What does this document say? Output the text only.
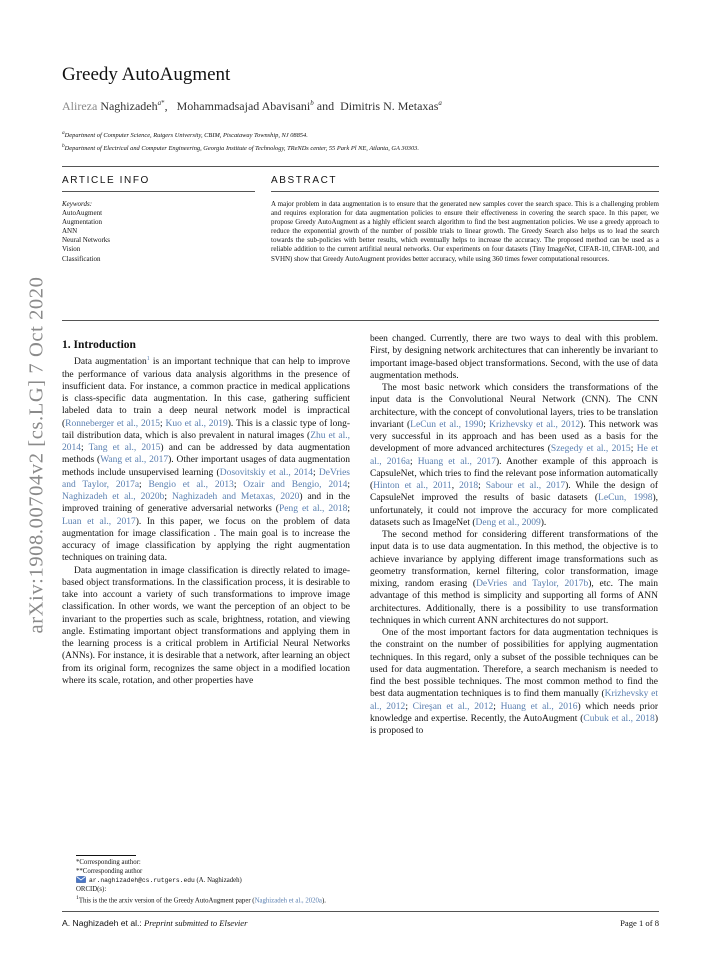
Greedy AutoAugment
Alireza Naghizadeh$^{a*}$,   Mohammadsajad Abavisani$^b$ and Dimitris N. Metaxas$^a$
$^a$Department of Computer Science, Rutgers University, CBIM, Piscataway Township, NJ 08854.
$^b$Department of Electrical and Computer Engineering, Georgia Institute of Technology, TReNDs center, 55 Park Pl NE, Atlanta, GA 30303.
ARTICLE INFO	ABSTRACT
Keywords:
AutoAugment
Augmentation
ANN
Neural Networks
Vision
Classification
A major problem in data augmentation is to ensure that the generated new samples cover the search space. This is a challenging problem and requires exploration for data augmentation policies to ensure their effectiveness in covering the search space. In this paper, we propose Greedy AutoAugment as a highly efficient search algorithm to find the best augmentation policies. We use a greedy approach to reduce the exponential growth of the number of possible trials to linear growth. The Greedy Search also helps us to lead the search towards the sub-policies with better results, which eventually helps to increase the accuracy. The proposed method can be used as a reliable addition to the current artifitial neural networks. Our experiments on four datasets (Tiny ImageNet, CIFAR-10, CIFAR-100, and SVHN) show that Greedy AutoAugment provides better accuracy, while using 360 times fewer computational resources.
arXiv:1908.00704v2 [cs.LG] 7 Oct 2020 1. Introduction

Data augmentation$^1$ is an important technique that can help to improve the performance of various data analysis algorithms in the presence of insufficient data. For instance, a common practice in medical applications is class-specific data augmentation. In this case, gathering sufficient labeled data to train a deep neural network model is impractical (Ronneberger et al., 2015; Kuo et al., 2019). This is a classic type of long-tail distribution data, which is also prevalent in natural images (Zhu et al., 2014; Tang et al., 2015) and can be addressed by data augmentation methods (Wang et al., 2017). Other important usages of data augmentation methods include unsupervised learning (Dosovitskiy et al., 2014; DeVries and Taylor, 2017a; Bengio et al., 2013; Ozair and Bengio, 2014; Naghizadeh et al., 2020b; Naghizadeh and Metaxas, 2020) and in the improved training of generative adversarial networks (Peng et al., 2018; Luan et al., 2017). In this paper, we focus on the problem of data augmentation for image classification . The main goal is to increase the accuracy of image classification by applying the right augmentation techniques on training data.

Data augmentation in image classification is directly related to image-based object transformations. In the classification process, it is desirable to take into account a variety of such transformations to improve image classification. In other words, we want the perception of an object to be invariant to the properties such as scale, brightness, rotation, and viewing angle. Estimating important object transformations and applying them in the learning process is a critical problem in Artificial Neural Networks (ANNs). For instance, it is desirable that a network, after learning an object from its original form, recognizes the same object in a modified location where its scale, rotation, and other properties have

*Corresponding author:
**Corresponding author
ar.naghizadeh@cs.rutgers.edu (A. Naghizadeh)
ORCID(s):
$^1$This is the the arxiv version of the Greedy AutoAugment paper (Naghizadeh et al., 2020a).

been changed. Currently, there are two ways to deal with this problem. First, by designing network architectures that can inherently be invariant to important image-based object transformations. Second, with the use of data augmentation methods.

The most basic network which considers the transformations of the input data is the Convolutional Neural Network (CNN). The CNN architecture, with the concept of convolutional layers, tries to be translation invariant (LeCun et al., 1990; Krizhevsky et al., 2012). This network was very successful in its approach and has been used as a basis for the development of more advanced architectures (Szegedy et al., 2015; He et al., 2016a; Huang et al., 2017). Another example of this approach is CapsuleNet, which tries to find the relevant pose information automatically (Hinton et al., 2011, 2018; Sabour et al., 2017). While the design of CapsuleNet improved the results of basic datasets (LeCun, 1998), unfortunately, it could not improve the accuracy for more complicated datasets such as ImageNet (Deng et al., 2009).

The second method for considering different transformations of the input data is to use data augmentation. In this method, the objective is to achieve invariance by applying different image transformations such as geometry transformation, kernel filtering, color transformation, image mixing, random erasing (DeVries and Taylor, 2017b), etc. The main advantage of this method is simplicity and supporting all forms of ANN architectures. Additionally, there is a possibility to use transformation techniques in which current ANN architectures do not support.

One of the most important factors for data augmentation techniques is the constraint on the number of possibilities for applying augmentation techniques. In this regard, only a subset of the possible techniques can be used for data augmentation. Therefore, a search mechanism is needed to find the best possible techniques. The most common method to find the best data augmentation techniques is to find them manually (Krizhevsky et al., 2012; Cireşan et al., 2012; Huang et al., 2016) which needs prior knowledge and expertise. Recently, the AutoAugment (Cubuk et al., 2018) is proposed to

A. Naghizadeh et al.: Preprint submitted to Elsevier	Page 1 of 8
